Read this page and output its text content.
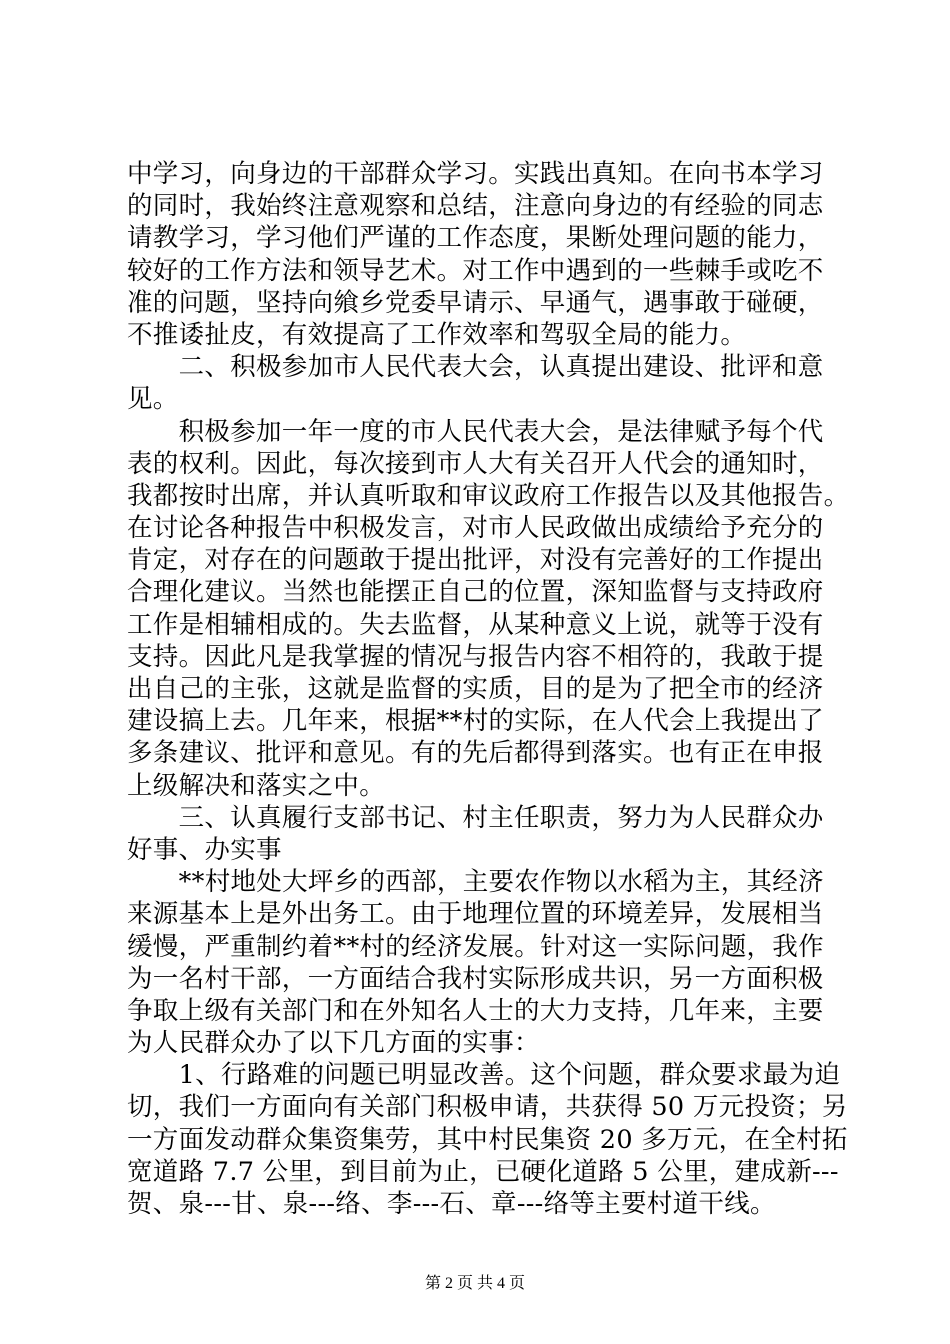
中学习，向身边的干部群众学习。实践出真知。在向书本学习
的同时，我始终注意观察和总结，注意向身边的有经验的同志
请教学习，学习他们严谨的工作态度，果断处理问题的能力，
较好的工作方法和领导艺术。对工作中遇到的一些棘手或吃不
准的问题，坚持向飨乡党委早请示、早通气，遇事敢于碰硬，
不推诿扯皮，有效提高了工作效率和驾驭全局的能力。
　　二、积极参加市人民代表大会，认真提出建设、批评和意
见。
　　积极参加一年一度的市人民代表大会，是法律赋予每个代
表的权利。因此，每次接到市人大有关召开人代会的通知时，
我都按时出席，并认真听取和审议政府工作报告以及其他报告。
在讨论各种报告中积极发言，对市人民政做出成绩给予充分的
肯定，对存在的问题敢于提出批评，对没有完善好的工作提出
合理化建议。当然也能摆正自己的位置，深知监督与支持政府
工作是相辅相成的。失去监督，从某种意义上说，就等于没有
支持。因此凡是我掌握的情况与报告内容不相符的，我敢于提
出自己的主张，这就是监督的实质，目的是为了把全市的经济
建设搞上去。几年来，根据**村的实际，在人代会上我提出了
多条建议、批评和意见。有的先后都得到落实。也有正在申报
上级解决和落实之中。
　　三、认真履行支部书记、村主任职责，努力为人民群众办
好事、办实事
　　**村地处大坪乡的西部，主要农作物以水稻为主，其经济
来源基本上是外出务工。由于地理位置的环境差异，发展相当
缓慢，严重制约着**村的经济发展。针对这一实际问题，我作
为一名村干部，一方面结合我村实际形成共识，另一方面积极
争取上级有关部门和在外知名人士的大力支持，几年来，主要
为人民群众办了以下几方面的实事：
　　1、行路难的问题已明显改善。这个问题，群众要求最为迫
切，我们一方面向有关部门积极申请，共获得 50 万元投资；另
一方面发动群众集资集劳，其中村民集资 20 多万元，在全村拓
宽道路 7.7 公里，到目前为止，已硬化道路 5 公里，建成新---
贺、泉---甘、泉---络、李---石、章---络等主要村道干线。
第 2 页 共 4 页
